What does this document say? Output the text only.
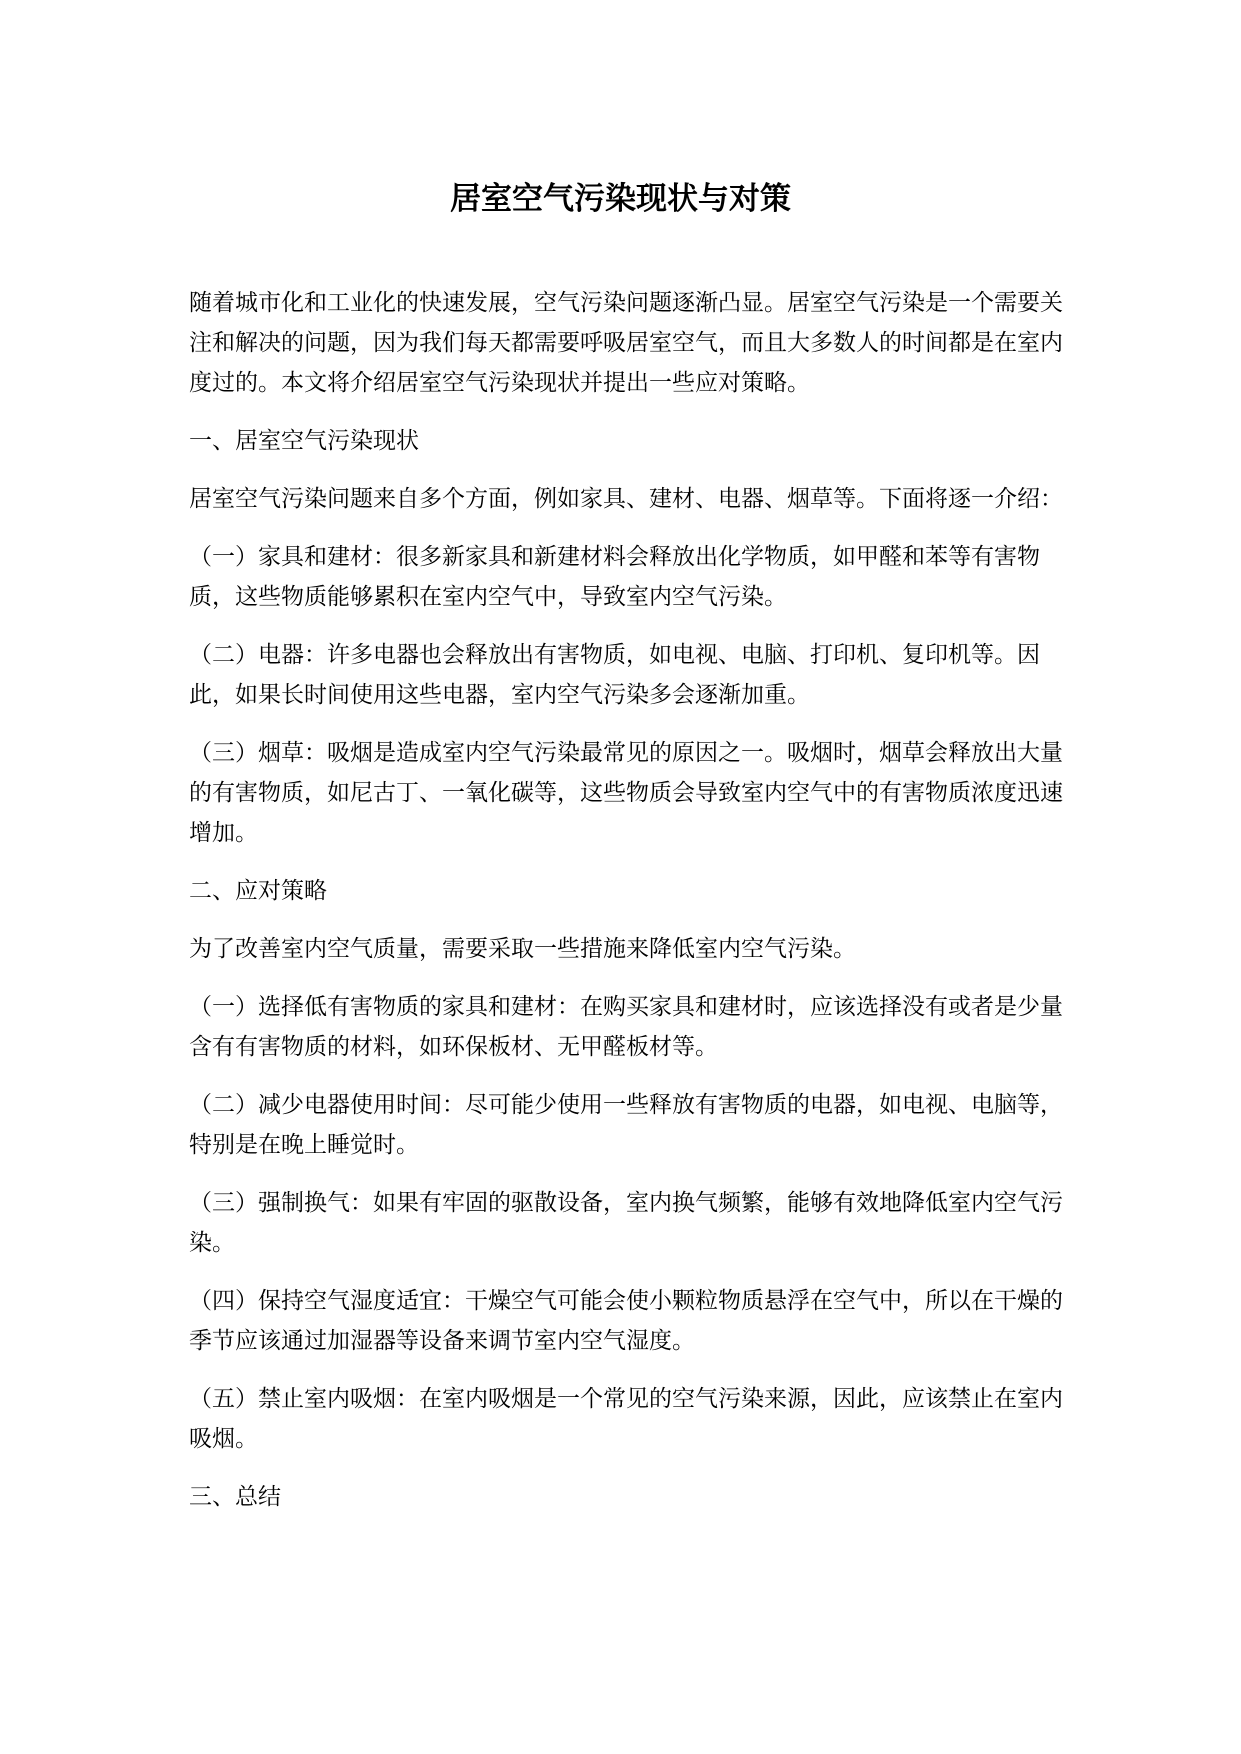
居室空气污染现状与对策

随着城市化和工业化的快速发展，空气污染问题逐渐凸显。居室空气污染是一个需要关注和解决的问题，因为我们每天都需要呼吸居室空气，而且大多数人的时间都是在室内度过的。本文将介绍居室空气污染现状并提出一些应对策略。

一、居室空气污染现状

居室空气污染问题来自多个方面，例如家具、建材、电器、烟草等。下面将逐一介绍：

（一）家具和建材：很多新家具和新建材料会释放出化学物质，如甲醛和苯等有害物质，这些物质能够累积在室内空气中，导致室内空气污染。

（二）电器：许多电器也会释放出有害物质，如电视、电脑、打印机、复印机等。因此，如果长时间使用这些电器，室内空气污染多会逐渐加重。

（三）烟草：吸烟是造成室内空气污染最常见的原因之一。吸烟时，烟草会释放出大量的有害物质，如尼古丁、一氧化碳等，这些物质会导致室内空气中的有害物质浓度迅速增加。

二、应对策略

为了改善室内空气质量，需要采取一些措施来降低室内空气污染。

（一）选择低有害物质的家具和建材：在购买家具和建材时，应该选择没有或者是少量含有有害物质的材料，如环保板材、无甲醛板材等。

（二）减少电器使用时间：尽可能少使用一些释放有害物质的电器，如电视、电脑等，特别是在晚上睡觉时。

（三）强制换气：如果有牢固的驱散设备，室内换气频繁，能够有效地降低室内空气污染。

（四）保持空气湿度适宜：干燥空气可能会使小颗粒物质悬浮在空气中，所以在干燥的季节应该通过加湿器等设备来调节室内空气湿度。

（五）禁止室内吸烟：在室内吸烟是一个常见的空气污染来源，因此，应该禁止在室内吸烟。

三、总结
